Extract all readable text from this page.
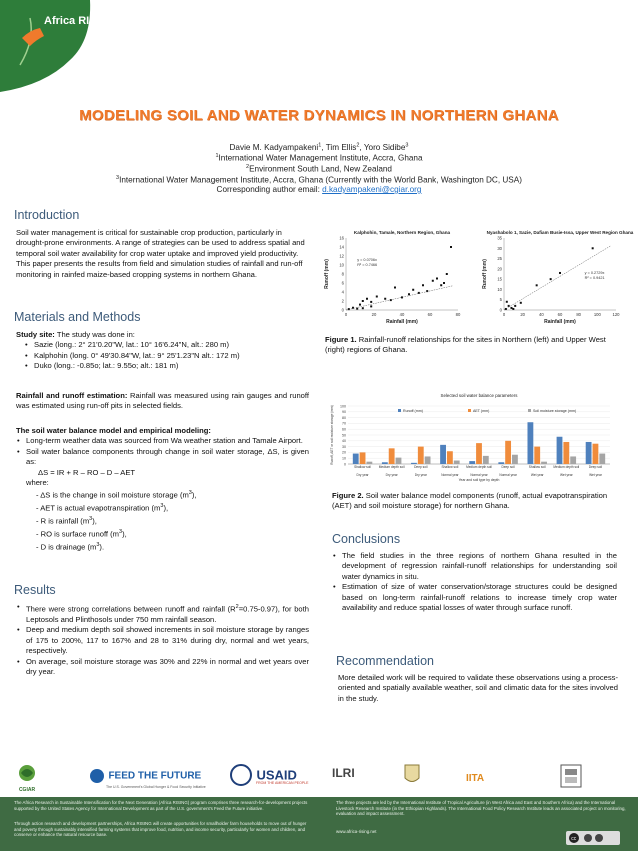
Africa RISING
MODELING SOIL AND WATER DYNAMICS IN NORTHERN GHANA
Davie M. Kadyampakeni$^1$, Tim Ellis$^2$, Yoro Sidibe$^3$
$^1$International Water Management Institute, Accra, Ghana
$^2$Environment South Land, New Zealand
$^3$International Water Management Institute, Accra, Ghana (Currently with the World Bank, Washington DC, USA)
Corresponding author email: d.kadyampakeni@cgiar.org
Introduction
Soil water management is critical for sustainable crop production, particularly in drought-prone environments. A range of strategies can be used to address spatial and temporal soil water availability for crop water uptake and improved yield productivity. This paper presents the results from field and simulation studies of rainfall and run-off monitoring in rainfed maize-based cropping systems in northern Ghana.
Materials and Methods
Study site: The study was done in:
• Sazie (long.: 2° 21'0.20"W, lat.: 10° 16'6.24"N, alt.: 280 m)
• Kalphohin (long. 0° 49'30.84"W, lat.: 9° 25'1.23"N alt.: 172 m)
• Duko (long.: -0.85o; lat.: 9.55o; alt.: 181 m)
Rainfall and runoff estimation: Rainfall was measured using rain gauges and runoff was estimated using run-off pits in selected fields.
The soil water balance model and empirical modeling:
• Long-term weather data was sourced from Wa weather station and Tamale Airport.
• Soil water balance components through change in soil water storage, ΔS, is given as:
ΔS = IR + R – RO – D – AET
where:
- ΔS is the change in soil moisture storage $(m^3)$,
- AET is actual evapotranspiration $(m^3)$,
- R is rainfall $(m^3)$,
- RO is surface runoff $(m^3)$,
- D is drainage $(m^3)$.
Results
• There were strong correlations between runoff and rainfall $(R^2=0.75-0.97)$, for both Leptosols and Plinthosols under 750 mm rainfall season.
• Deep and medium depth soil showed increments in soil moisture storage by ranges of 175 to 200%, 117 to 167% and 28 to 31% during dry, normal and wet years, respectively.
• On average, soil moisture storage was 30% and 22% in normal and wet years over dry year.
Kalphohin, Tamale, Northern Region, Ghana
0
2
4
6
8
10
12
14
16
0	20	40	60	80
Rainfall (mm)
Runoff (mm)	y = 0.0706x
R² = 0.7466
Nyashabolo 1, Sazie, Dafiam Busie-Issa, Upper West Region Ghana
0
5
10
15
20
25
30
35
0	20	40	60	80	100	120
Rainfall (mm)
Runoff (mm)	y = 0.2729x
R² = 0.9421
Figure 1. Rainfall-runoff relationships for the sites in Northern (left) and Upper West (right) regions of Ghana.
Selected soil water balance parameters
0
10
20
30
40
50
60
70
80
90
100
Runoff, AET or soil moisture storage (mm)	Runoff (mm)	AET (mm)	Soil moisture storage (mm)
Shallow soil
Dry year
Medium depth soil
Dry year
Deep soil
Dry year
Shallow soil
Normal year
Medium depth soil
Normal year
Deep soil
Normal year
Shallow soil
Wet year
Medium depth soil
Wet year
Deep soil
Wet year
Year and soil type by depth
Figure 2. Soil water balance model components (runoff, actual evapotranspiration (AET) and soil moisture storage) for northern Ghana.
Conclusions
• The field studies in the three regions of northern Ghana resulted in the development of regression rainfall-runoff relationships for understanding soil water dynamics in situ.
• Estimation of size of water conservation/storage structures could be designed based on long-term rainfall-runoff relations to increase timely crop water availability and reduce spatial losses of water through surface runoff.
Recommendation
More detailed work will be required to validate these observations using a process-oriented and spatially available weather, soil and climatic data for the sites involved in the study.
CGIAR
FEED THE FUTURE
The U.S. Government's Global Hunger & Food Security Initiative
USAID
FROM THE AMERICAN PEOPLE
ILRI	IITA
The Africa Research in Sustainable Intensification for the Next Generation (Africa RISING) program comprises three research-for-development projects supported by the United States Agency for International Development as part of the U.S. government's Feed the Future initiative.
Through action research and development partnerships, Africa RISING will create opportunities for smallholder farm households to move out of hunger and poverty through sustainably intensified farming systems that improve food, nutrition, and income security, particularly for women and children, and conserve or enhance the natural resource base.
The three projects are led by the International Institute of Tropical Agriculture (in West Africa and East and Southern Africa) and the International Livestock Research Institute (in the Ethiopian Highlands). The International Food Policy Research Institute leads an associated project on monitoring, evaluation and impact assessment.
www.africa-rising.net
cc
